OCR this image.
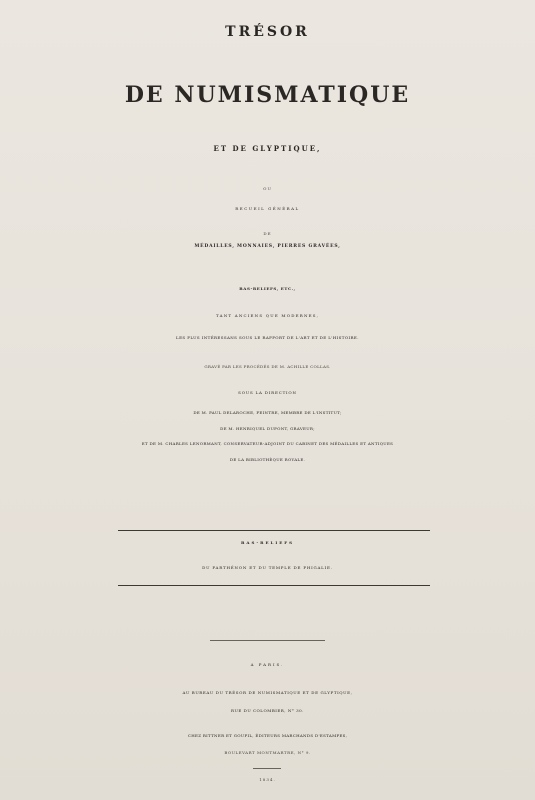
TRÉSOR
DE NUMISMATIQUE
ET DE GLYPTIQUE,
OU
RECUEIL GÉNÉRAL
DE
MÉDAILLES, MONNAIES, PIERRES GRAVÉES,
BAS-RELIEFS, ETC.,
TANT ANCIENS QUE MODERNES,
LES PLUS INTÉRESSANS SOUS LE RAPPORT DE L'ART ET DE L'HISTOIRE.
GRAVÉ PAR LES PROCÉDÉS DE M. ACHILLE COLLAS.
SOUS LA DIRECTION
DE M. PAUL DELAROCHE, PEINTRE, MEMBRE DE L'INSTITUT;
DE M. HENRIQUEL DUPONT, GRAVEUR;
ET DE M. CHARLES LENORMANT, CONSERVATEUR-ADJOINT DU CABINET DES MÉDAILLES ET ANTIQUES
DE LA BIBLIOTHÈQUE ROYALE.
BAS-RELIEFS
DU PARTHÉNON ET DU TEMPLE DE PHIGALIE.
A PARIS.
AU BUREAU DU TRÉSOR DE NUMISMATIQUE ET DE GLYPTIQUE,
RUE DU COLOMBIER, N° 30.
CHEZ RITTNER ET GOUPIL, ÉDITEURS MARCHANDS D'ESTAMPES,
BOULEVART MONTMARTRE, N° 9.
1834.
